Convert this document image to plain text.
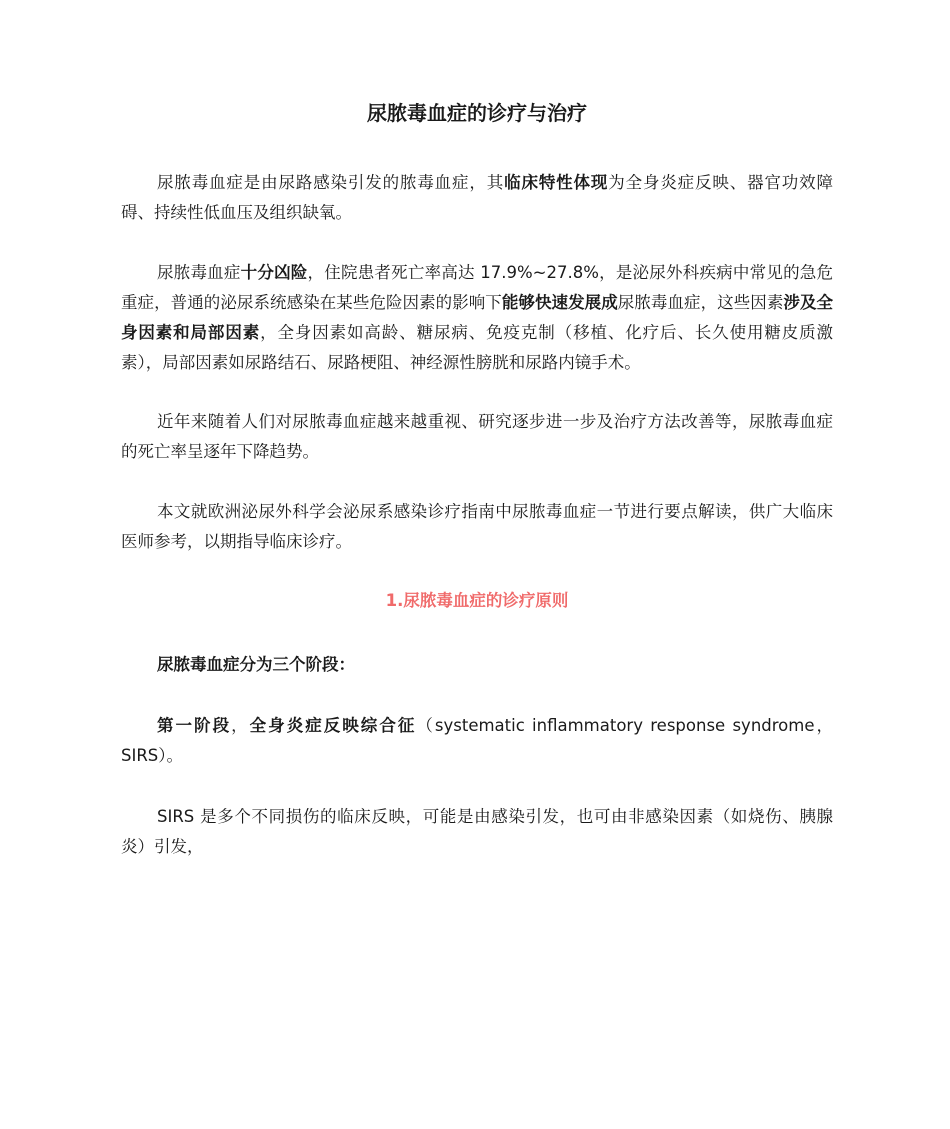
尿脓毒血症的诊疗与治疗

尿脓毒血症是由尿路感染引发的脓毒血症，其临床特性体现为全身炎症反映、器官功效障碍、持续性低血压及组织缺氧。

尿脓毒血症十分凶险，住院患者死亡率高达 17.9%~27.8%，是泌尿外科疾病中常见的急危重症，普通的泌尿系统感染在某些危险因素的影响下能够快速发展成尿脓毒血症，这些因素涉及全身因素和局部因素，全身因素如高龄、糖尿病、免疫克制（移植、化疗后、长久使用糖皮质激素），局部因素如尿路结石、尿路梗阻、神经源性膀胱和尿路内镜手术。

近年来随着人们对尿脓毒血症越来越重视、研究逐步进一步及治疗方法改善等，尿脓毒血症的死亡率呈逐年下降趋势。

本文就欧洲泌尿外科学会泌尿系感染诊疗指南中尿脓毒血症一节进行要点解读，供广大临床医师参考，以期指导临床诊疗。

1.尿脓毒血症的诊疗原则

尿脓毒血症分为三个阶段：

第一阶段，全身炎症反映综合征（systematic inflammatory response syndrome，SIRS）。

SIRS 是多个不同损伤的临床反映，可能是由感染引发，也可由非感染因素（如烧伤、胰腺炎）引发，
